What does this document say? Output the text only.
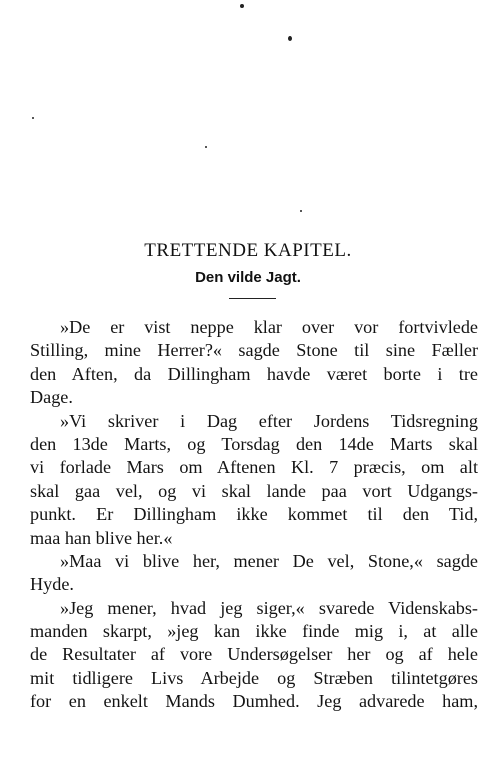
TRETTENDE KAPITEL.
Den vilde Jagt.
»De er vist neppe klar over vor fortvivlede
Stilling, mine Herrer?« sagde Stone til sine Fæller
den Aften, da Dillingham havde været borte i tre
Dage.
»Vi skriver i Dag efter Jordens Tidsregning
den 13de Marts, og Torsdag den 14de Marts skal
vi forlade Mars om Aftenen Kl. 7 præcis, om alt
skal gaa vel, og vi skal lande paa vort Udgangs-
punkt. Er Dillingham ikke kommet til den Tid,
maa han blive her.«
»Maa vi blive her, mener De vel, Stone,« sagde
Hyde.
»Jeg mener, hvad jeg siger,« svarede Videnskabs-
manden skarpt, »jeg kan ikke finde mig i, at alle
de Resultater af vore Undersøgelser her og af hele
mit tidligere Livs Arbejde og Stræben tilintetgøres
for en enkelt Mands Dumhed. Jeg advarede ham,
